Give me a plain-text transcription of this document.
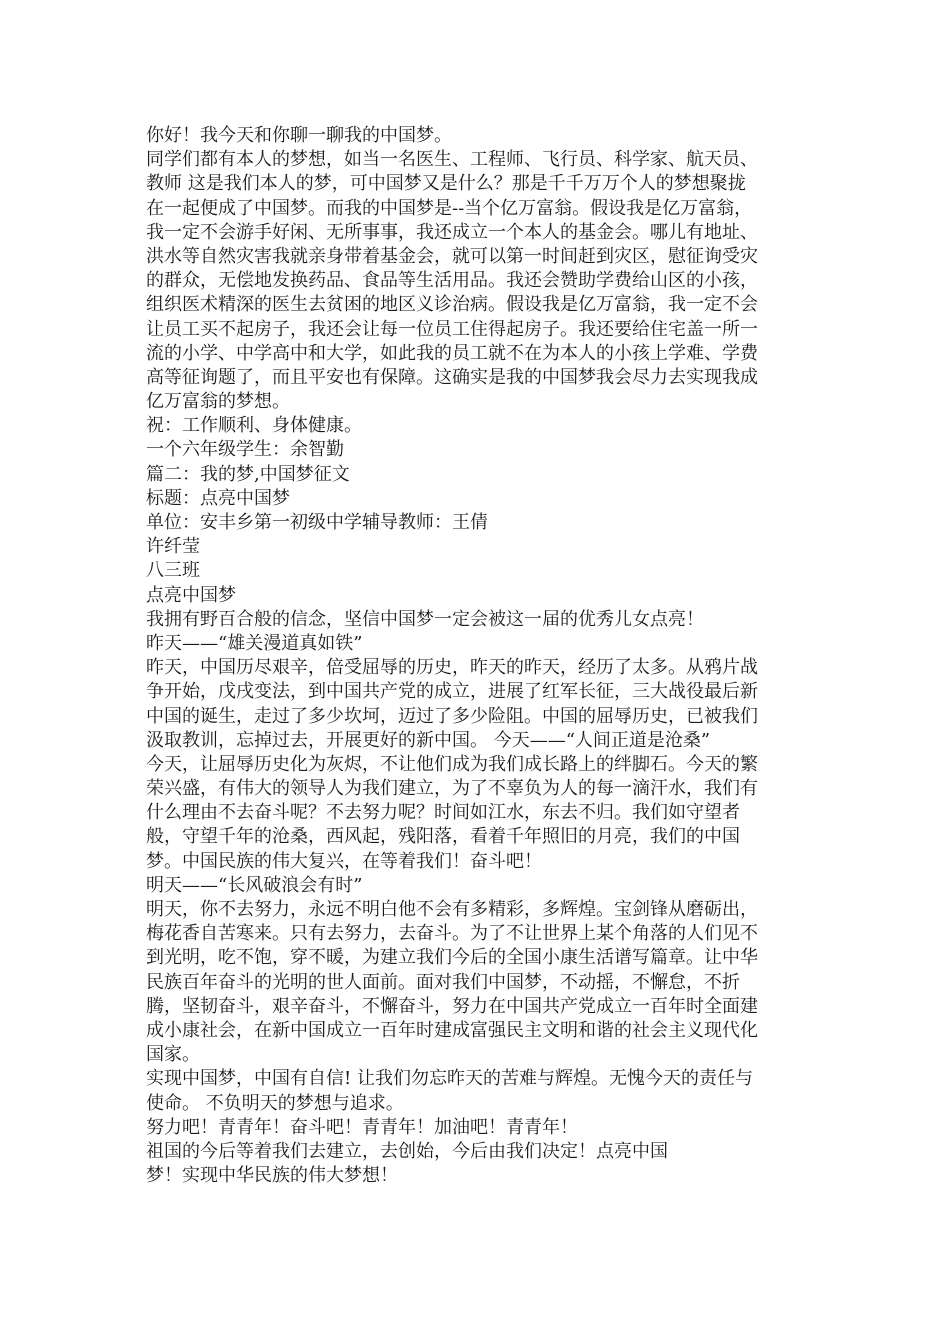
你好！我今天和你聊一聊我的中国梦。
同学们都有本人的梦想，如当一名医生、工程师、飞行员、科学家、航天员、
教师 这是我们本人的梦，可中国梦又是什么？那是千千万万个人的梦想聚拢
在一起便成了中国梦。而我的中国梦是--当个亿万富翁。假设我是亿万富翁，
我一定不会游手好闲、无所事事，我还成立一个本人的基金会。哪儿有地址、
洪水等自然灾害我就亲身带着基金会，就可以第一时间赶到灾区，慰征询受灾
的群众，无偿地发换药品、食品等生活用品。我还会赞助学费给山区的小孩，
组织医术精深的医生去贫困的地区义诊治病。假设我是亿万富翁，我一定不会
让员工买不起房子，我还会让每一位员工住得起房子。我还要给住宅盖一所一
流的小学、中学高中和大学，如此我的员工就不在为本人的小孩上学难、学费
高等征询题了，而且平安也有保障。这确实是我的中国梦我会尽力去实现我成
亿万富翁的梦想。
祝：工作顺利、身体健康。
一个六年级学生：余智勤
篇二：我的梦,中国梦征文
标题：点亮中国梦
单位：安丰乡第一初级中学辅导教师：王倩
许纤莹
八三班
点亮中国梦
我拥有野百合般的信念，坚信中国梦一定会被这一届的优秀儿女点亮！
昨天——“雄关漫道真如铁”
昨天，中国历尽艰辛，倍受屈辱的历史，昨天的昨天，经历了太多。从鸦片战
争开始，戊戌变法，到中国共产党的成立，进展了红军长征，三大战役最后新
中国的诞生，走过了多少坎坷，迈过了多少险阻。中国的屈辱历史，已被我们
汲取教训，忘掉过去，开展更好的新中国。 今天——“人间正道是沧桑”
今天，让屈辱历史化为灰烬，不让他们成为我们成长路上的绊脚石。今天的繁
荣兴盛，有伟大的领导人为我们建立，为了不辜负为人的每一滴汗水，我们有
什么理由不去奋斗呢？不去努力呢？时间如江水，东去不归。我们如守望者
般，守望千年的沧桑，西风起，残阳落，看着千年照旧的月亮，我们的中国
梦。中国民族的伟大复兴，在等着我们！奋斗吧！
明天——“长风破浪会有时”
明天，你不去努力，永远不明白他不会有多精彩，多辉煌。宝剑锋从磨砺出，
梅花香自苦寒来。只有去努力，去奋斗。为了不让世界上某个角落的人们见不
到光明，吃不饱，穿不暖，为建立我们今后的全国小康生活谱写篇章。让中华
民族百年奋斗的光明的世人面前。面对我们中国梦，不动摇，不懈怠，不折
腾，坚韧奋斗，艰辛奋斗，不懈奋斗，努力在中国共产党成立一百年时全面建
成小康社会，在新中国成立一百年时建成富强民主文明和谐的社会主义现代化
国家。
实现中国梦，中国有自信! 让我们勿忘昨天的苦难与辉煌。无愧今天的责任与
使命。 不负明天的梦想与追求。
努力吧！青青年！奋斗吧！青青年！加油吧！青青年！
祖国的今后等着我们去建立，去创始，今后由我们决定！点亮中国
梦！实现中华民族的伟大梦想！
